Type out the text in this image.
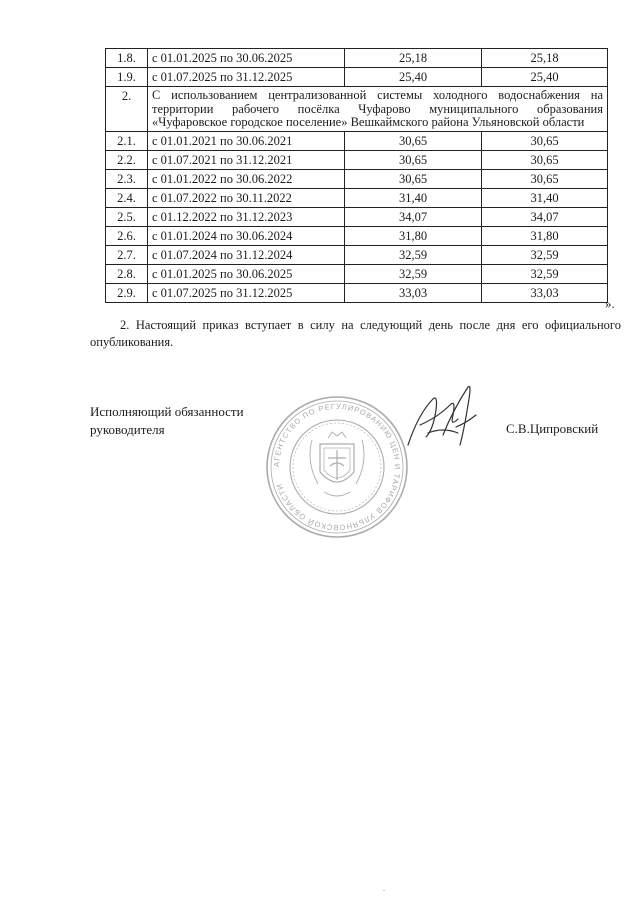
1.8.	с 01.01.2025 по 30.06.2025	25,18	25,18
1.9.	с 01.07.2025 по 31.12.2025	25,40	25,40
2.	С использованием централизованной системы холодного водоснабжения на территории рабочего посёлка Чуфарово муниципального образования «Чуфаровское городское поселение» Вешкаймского района Ульяновской области		
2.1.	с 01.01.2021 по 30.06.2021	30,65	30,65
2.2.	с 01.07.2021 по 31.12.2021	30,65	30,65
2.3.	с 01.01.2022 по 30.06.2022	30,65	30,65
2.4.	с 01.07.2022 по 30.11.2022	31,40	31,40
2.5.	с 01.12.2022 по 31.12.2023	34,07	34,07
2.6.	с 01.01.2024 по 30.06.2024	31,80	31,80
2.7.	с 01.07.2024 по 31.12.2024	32,59	32,59
2.8.	с 01.01.2025 по 30.06.2025	32,59	32,59
2.9.	с 01.07.2025 по 31.12.2025	33,03	33,03
».
2. Настоящий приказ вступает в силу на следующий день после дня его официального опубликования.
Исполняющий обязанности
руководителя
АГЕНТСТВО ПО РЕГУЛИРОВАНИЮ ЦЕН И ТАРИФОВ УЛЬЯНОВСКОЙ ОБЛАСТИ
С.В.Ципровский
.
